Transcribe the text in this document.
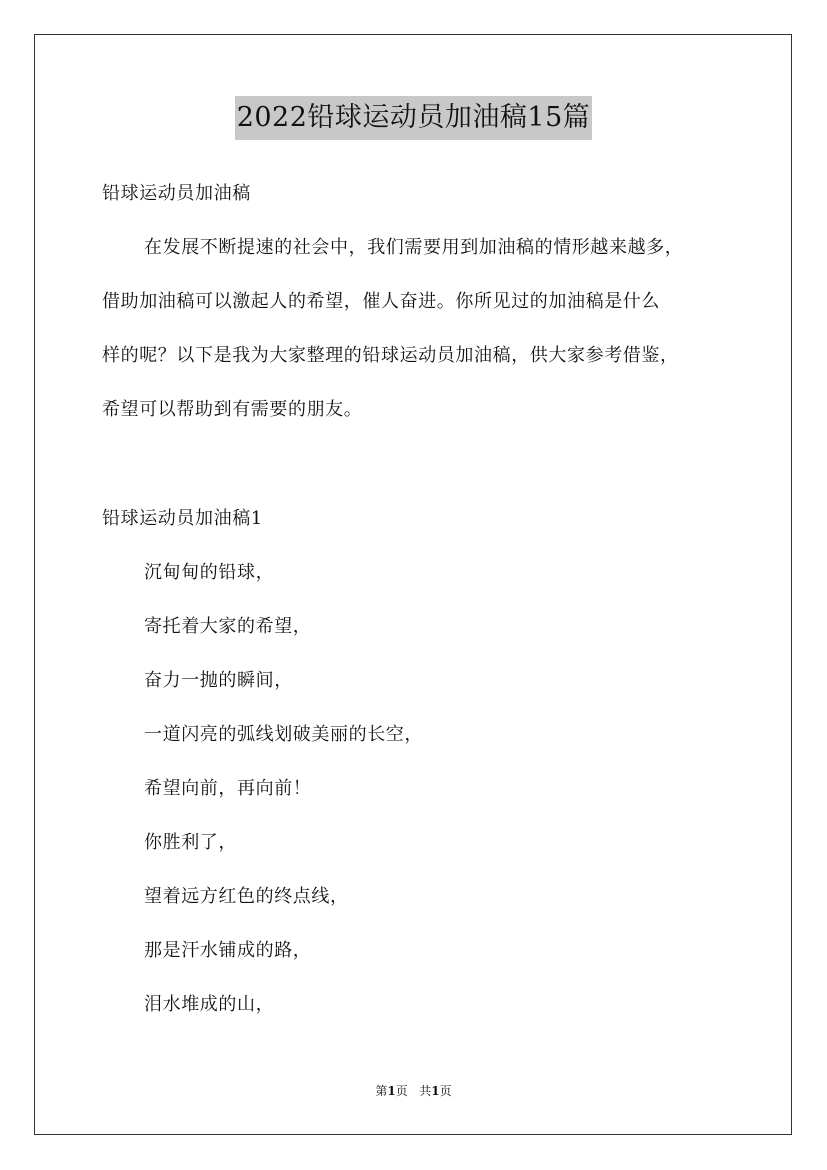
2022铅球运动员加油稿15篇
铅球运动员加油稿
在发展不断提速的社会中，我们需要用到加油稿的情形越来越多，
借助加油稿可以激起人的希望，催人奋进。你所见过的加油稿是什么
样的呢？以下是我为大家整理的铅球运动员加油稿，供大家参考借鉴，
希望可以帮助到有需要的朋友。
铅球运动员加油稿1
沉甸甸的铅球，
寄托着大家的希望，
奋力一抛的瞬间，
一道闪亮的弧线划破美丽的长空，
希望向前，再向前！
你胜利了，
望着远方红色的终点线，
那是汗水铺成的路，
泪水堆成的山，
第1页 共1页
